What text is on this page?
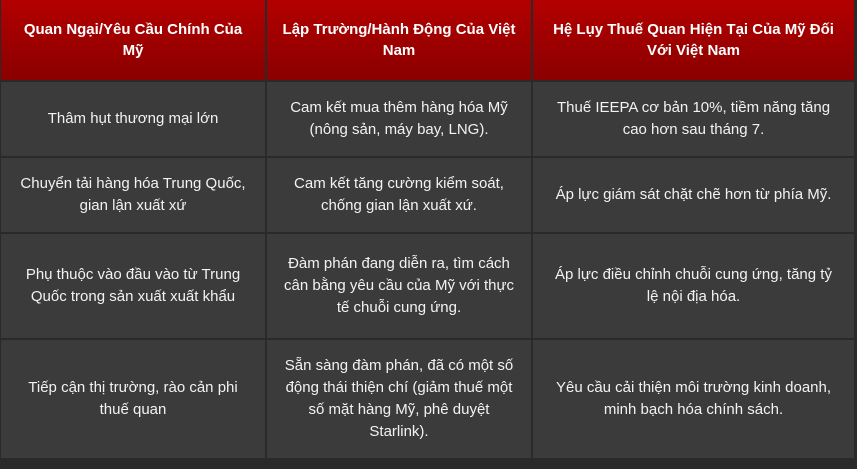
Quan Ngại/Yêu Cầu Chính Của Mỹ	Lập Trường/Hành Động Của Việt Nam	Hệ Lụy Thuế Quan Hiện Tại Của Mỹ Đối Với Việt Nam
Thâm hụt thương mại lớn	Cam kết mua thêm hàng hóa Mỹ (nông sản, máy bay, LNG).	Thuế IEEPA cơ bản 10%, tiềm năng tăng cao hơn sau tháng 7.
Chuyển tải hàng hóa Trung Quốc, gian lận xuất xứ	Cam kết tăng cường kiểm soát, chống gian lận xuất xứ.	Áp lực giám sát chặt chẽ hơn từ phía Mỹ.
Phụ thuộc vào đầu vào từ Trung Quốc trong sản xuất xuất khẩu	Đàm phán đang diễn ra, tìm cách cân bằng yêu cầu của Mỹ với thực tế chuỗi cung ứng.	Áp lực điều chỉnh chuỗi cung ứng, tăng tỷ lệ nội địa hóa.
Tiếp cận thị trường, rào cản phi thuế quan	Sẵn sàng đàm phán, đã có một số động thái thiện chí (giảm thuế một số mặt hàng Mỹ, phê duyệt Starlink).	Yêu cầu cải thiện môi trường kinh doanh, minh bạch hóa chính sách.
